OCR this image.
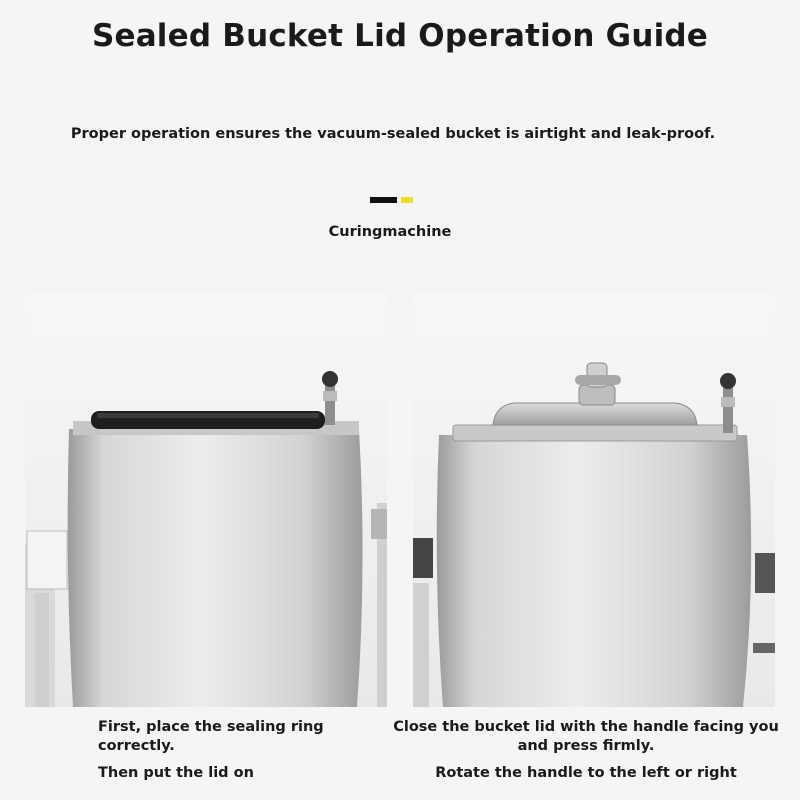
Sealed Bucket Lid Operation Guide
Proper operation ensures the vacuum-sealed bucket is airtight and leak-proof.
Curingmachine
First, place the sealing ring correctly.
Then put the lid on
Close the bucket lid with the handle facing you and press firmly.
Rotate the handle to the left or right
